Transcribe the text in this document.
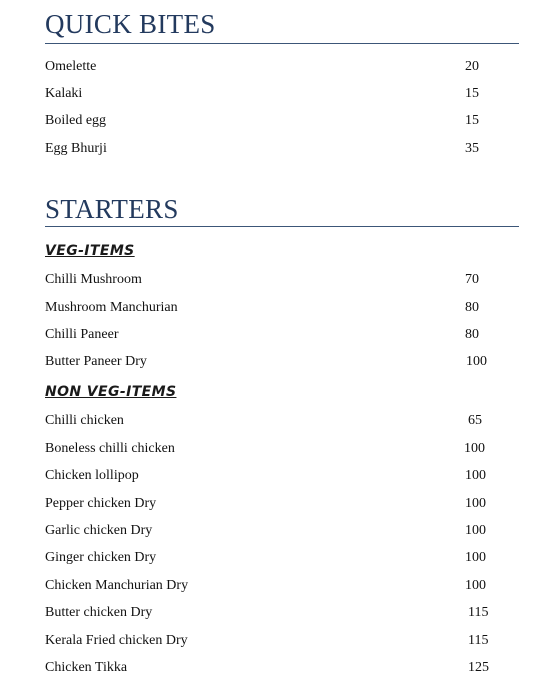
QUICK BITES
Omelette	20
Kalaki	15
Boiled egg	15
Egg Bhurji	35
STARTERS
VEG-ITEMS
Chilli Mushroom	70
Mushroom Manchurian	80
Chilli Paneer	80
Butter Paneer Dry	100
NON VEG-ITEMS
Chilli chicken	65
Boneless chilli chicken	100
Chicken lollipop	100
Pepper chicken Dry	100
Garlic chicken Dry	100
Ginger chicken Dry	100
Chicken Manchurian Dry	100
Butter chicken Dry	115
Kerala Fried chicken Dry	115
Chicken Tikka	125
